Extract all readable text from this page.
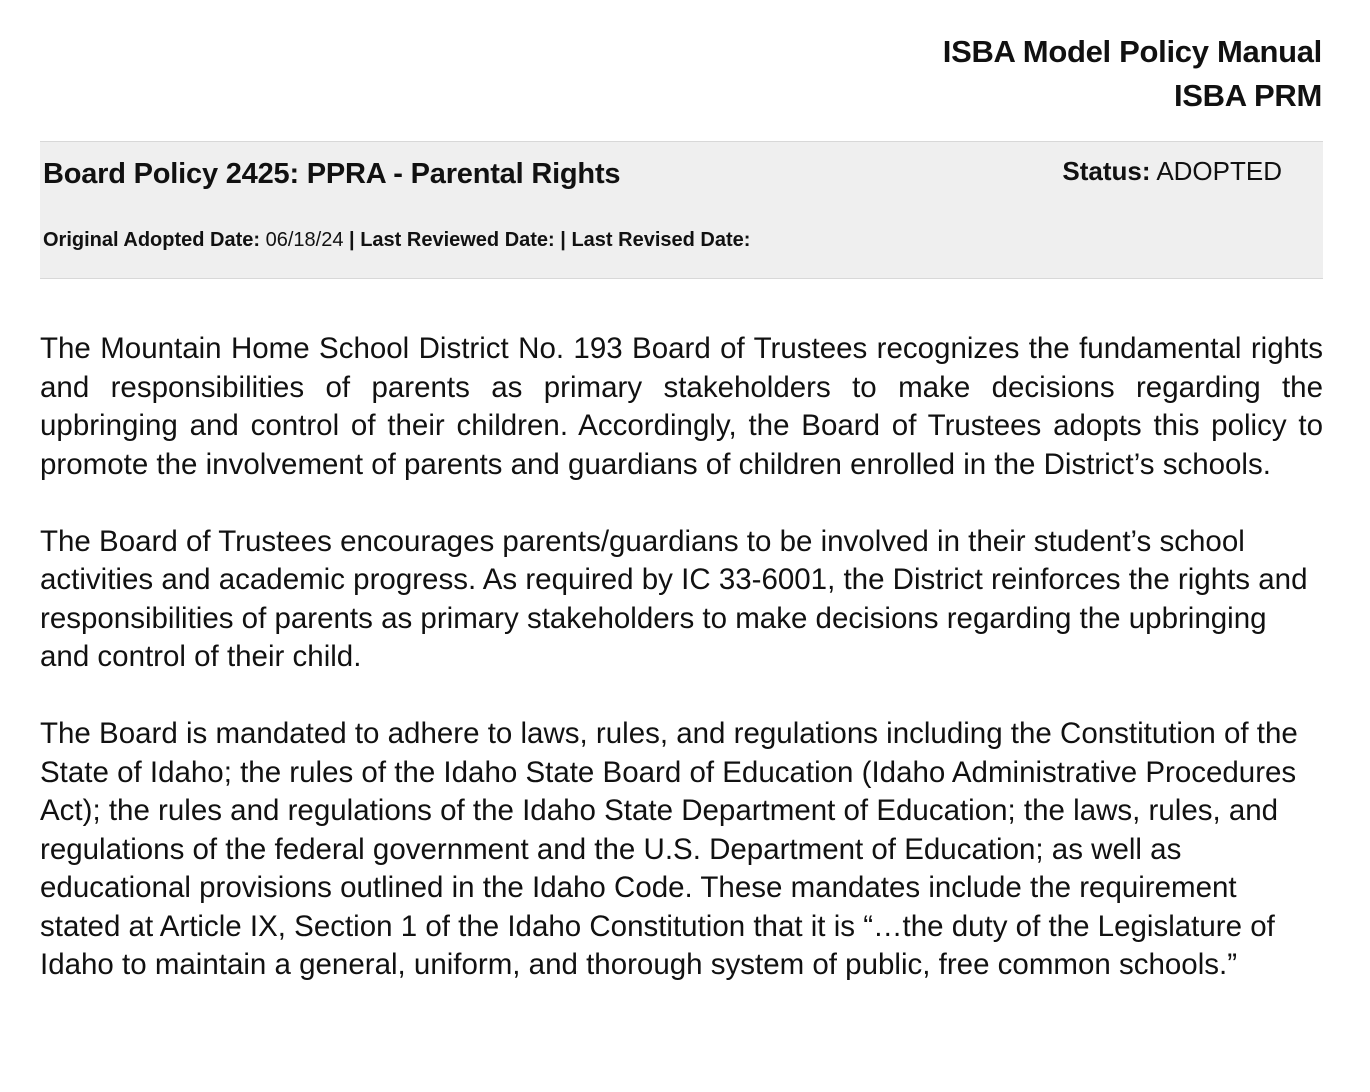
ISBA Model Policy Manual
ISBA PRM
Board Policy 2425: PPRA - Parental Rights	Status: ADOPTED
Original Adopted Date: 06/18/24 | Last Reviewed Date: | Last Revised Date:

The Mountain Home School District No. 193 Board of Trustees recognizes the fundamental rights and responsibilities of parents as primary stakeholders to make decisions regarding the upbringing and control of their children. Accordingly, the Board of Trustees adopts this policy to promote the involvement of parents and guardians of children enrolled in the District’s schools.

The Board of Trustees encourages parents/guardians to be involved in their student’s school activities and academic progress. As required by IC 33-6001, the District reinforces the rights and responsibilities of parents as primary stakeholders to make decisions regarding the upbringing and control of their child.

The Board is mandated to adhere to laws, rules, and regulations including the Constitution of the State of Idaho; the rules of the Idaho State Board of Education (Idaho Administrative Procedures Act); the rules and regulations of the Idaho State Department of Education; the laws, rules, and regulations of the federal government and the U.S. Department of Education; as well as educational provisions outlined in the Idaho Code. These mandates include the requirement stated at Article IX, Section 1 of the Idaho Constitution that it is “…the duty of the Legislature of Idaho to maintain a general, uniform, and thorough system of public, free common schools.”
